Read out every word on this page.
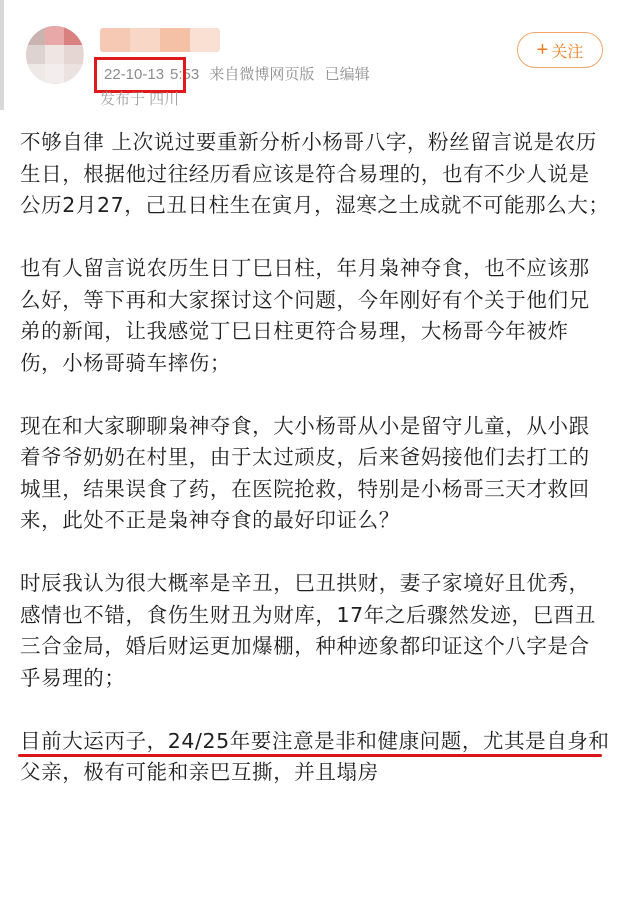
22-10-13 5:53 来自微博网页版 已编辑
发布于 四川
+ 关注

不够自律 上次说过要重新分析小杨哥八字，粉丝留言说是农历生日，根据他过往经历看应该是符合易理的，也有不少人说是公历2月27，己丑日柱生在寅月，湿寒之土成就不可能那么大；

也有人留言说农历生日丁巳日柱，年月枭神夺食，也不应该那么好，等下再和大家探讨这个问题，今年刚好有个关于他们兄弟的新闻，让我感觉丁巳日柱更符合易理，大杨哥今年被炸伤，小杨哥骑车摔伤；

现在和大家聊聊枭神夺食，大小杨哥从小是留守儿童，从小跟着爷爷奶奶在村里，由于太过顽皮，后来爸妈接他们去打工的城里，结果误食了药，在医院抢救，特别是小杨哥三天才救回来，此处不正是枭神夺食的最好印证么？

时辰我认为很大概率是辛丑，巳丑拱财，妻子家境好且优秀，感情也不错，食伤生财丑为财库，17年之后骤然发迹，巳酉丑三合金局，婚后财运更加爆棚，种种迹象都印证这个八字是合乎易理的；

目前大运丙子，24/25年要注意是非和健康问题，尤其是自身和父亲，极有可能和亲巴互撕，并且塌房
